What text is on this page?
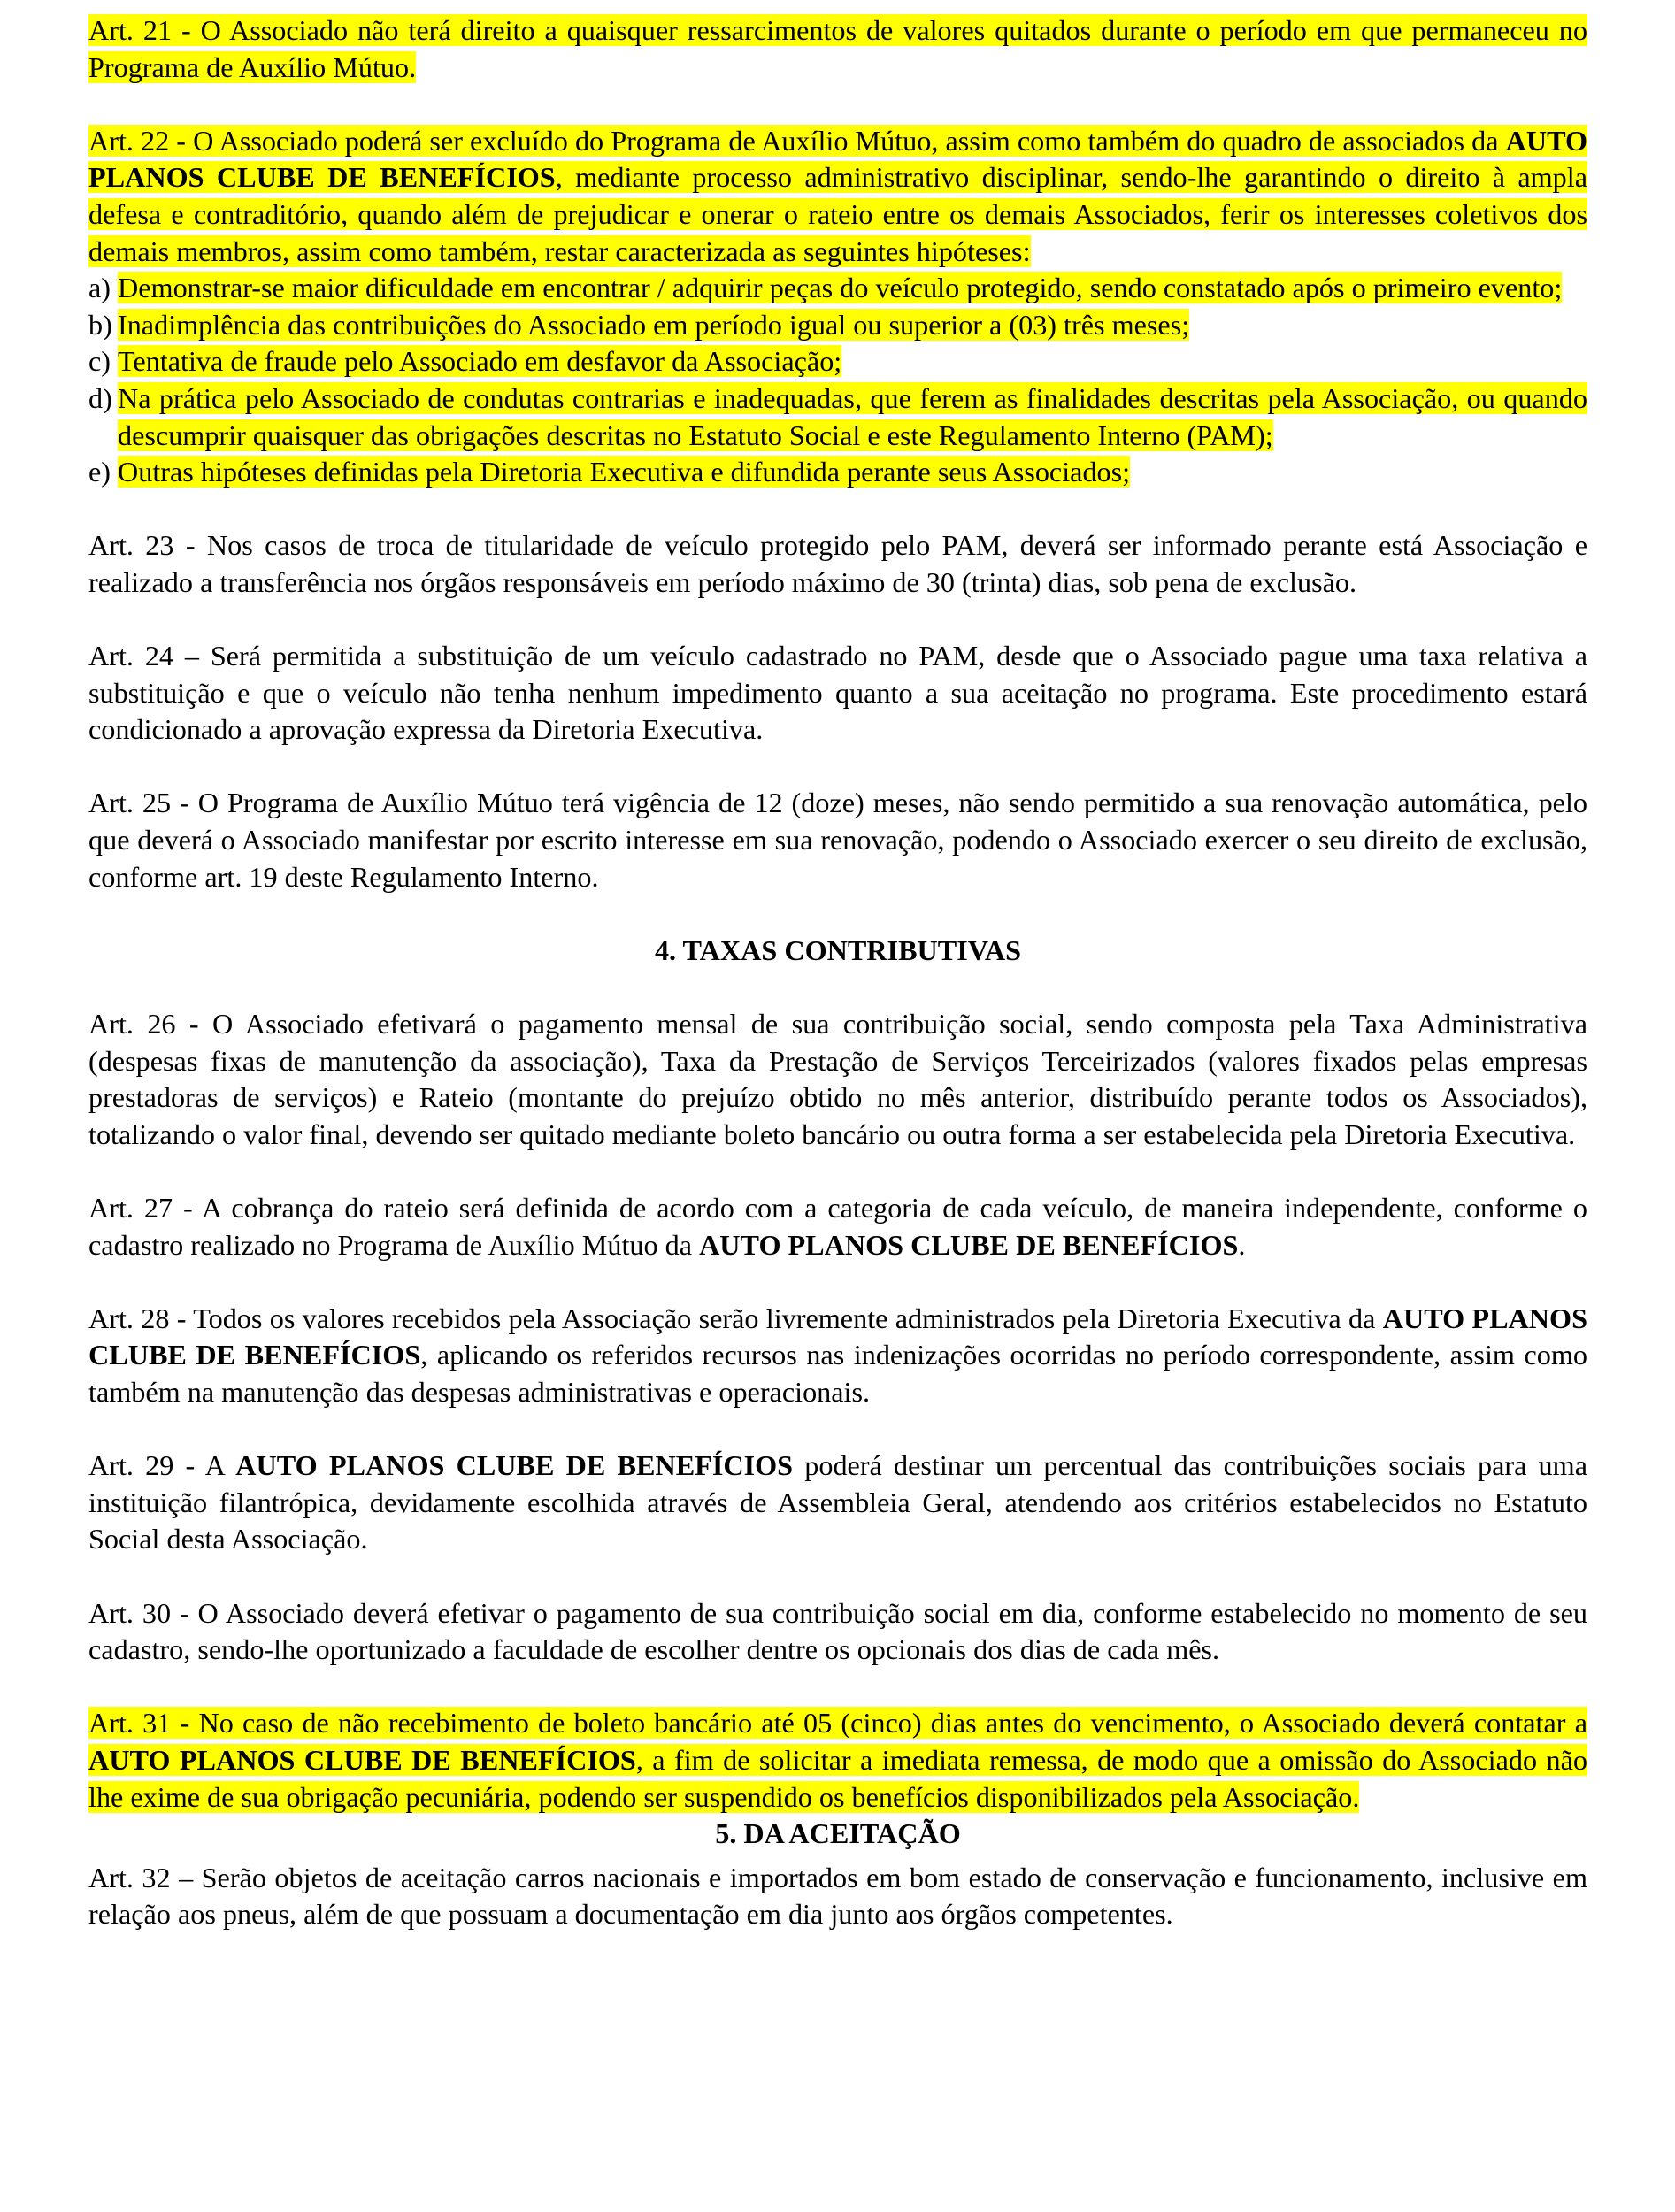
Art. 21 - O Associado não terá direito a quaisquer ressarcimentos de valores quitados durante o período em que permaneceu no Programa de Auxílio Mútuo.

Art. 22 - O Associado poderá ser excluído do Programa de Auxílio Mútuo, assim como também do quadro de associados da AUTO PLANOS CLUBE DE BENEFÍCIOS, mediante processo administrativo disciplinar, sendo-lhe garantindo o direito à ampla defesa e contraditório, quando além de prejudicar e onerar o rateio entre os demais Associados, ferir os interesses coletivos dos demais membros, assim como também, restar caracterizada as seguintes hipóteses:
a) Demonstrar-se maior dificuldade em encontrar / adquirir peças do veículo protegido, sendo constatado após o primeiro evento;
b) Inadimplência das contribuições do Associado em período igual ou superior a (03) três meses;
c) Tentativa de fraude pelo Associado em desfavor da Associação;
d) Na prática pelo Associado de condutas contrarias e inadequadas, que ferem as finalidades descritas pela Associação, ou quando descumprir quaisquer das obrigações descritas no Estatuto Social e este Regulamento Interno (PAM);
e) Outras hipóteses definidas pela Diretoria Executiva e difundida perante seus Associados;

Art. 23 - Nos casos de troca de titularidade de veículo protegido pelo PAM, deverá ser informado perante está Associação e realizado a transferência nos órgãos responsáveis em período máximo de 30 (trinta) dias, sob pena de exclusão.

Art. 24 – Será permitida a substituição de um veículo cadastrado no PAM, desde que o Associado pague uma taxa relativa a substituição e que o veículo não tenha nenhum impedimento quanto a sua aceitação no programa. Este procedimento estará condicionado a aprovação expressa da Diretoria Executiva.

Art. 25 - O Programa de Auxílio Mútuo terá vigência de 12 (doze) meses, não sendo permitido a sua renovação automática, pelo que deverá o Associado manifestar por escrito interesse em sua renovação, podendo o Associado exercer o seu direito de exclusão, conforme art. 19 deste Regulamento Interno.

4. TAXAS CONTRIBUTIVAS

Art. 26 - O Associado efetivará o pagamento mensal de sua contribuição social, sendo composta pela Taxa Administrativa (despesas fixas de manutenção da associação), Taxa da Prestação de Serviços Terceirizados (valores fixados pelas empresas prestadoras de serviços) e Rateio (montante do prejuízo obtido no mês anterior, distribuído perante todos os Associados), totalizando o valor final, devendo ser quitado mediante boleto bancário ou outra forma a ser estabelecida pela Diretoria Executiva.

Art. 27 - A cobrança do rateio será definida de acordo com a categoria de cada veículo, de maneira independente, conforme o cadastro realizado no Programa de Auxílio Mútuo da AUTO PLANOS CLUBE DE BENEFÍCIOS.

Art. 28 - Todos os valores recebidos pela Associação serão livremente administrados pela Diretoria Executiva da AUTO PLANOS CLUBE DE BENEFÍCIOS, aplicando os referidos recursos nas indenizações ocorridas no período correspondente, assim como também na manutenção das despesas administrativas e operacionais.

Art. 29 - A AUTO PLANOS CLUBE DE BENEFÍCIOS poderá destinar um percentual das contribuições sociais para uma instituição filantrópica, devidamente escolhida através de Assembleia Geral, atendendo aos critérios estabelecidos no Estatuto Social desta Associação.

Art. 30 - O Associado deverá efetivar o pagamento de sua contribuição social em dia, conforme estabelecido no momento de seu cadastro, sendo-lhe oportunizado a faculdade de escolher dentre os opcionais dos dias de cada mês.

Art. 31 - No caso de não recebimento de boleto bancário até 05 (cinco) dias antes do vencimento, o Associado deverá contatar a AUTO PLANOS CLUBE DE BENEFÍCIOS, a fim de solicitar a imediata remessa, de modo que a omissão do Associado não lhe exime de sua obrigação pecuniária, podendo ser suspendido os benefícios disponibilizados pela Associação.

5. DA ACEITAÇÃO

Art. 32 – Serão objetos de aceitação carros nacionais e importados em bom estado de conservação e funcionamento, inclusive em relação aos pneus, além de que possuam a documentação em dia junto aos órgãos competentes.
